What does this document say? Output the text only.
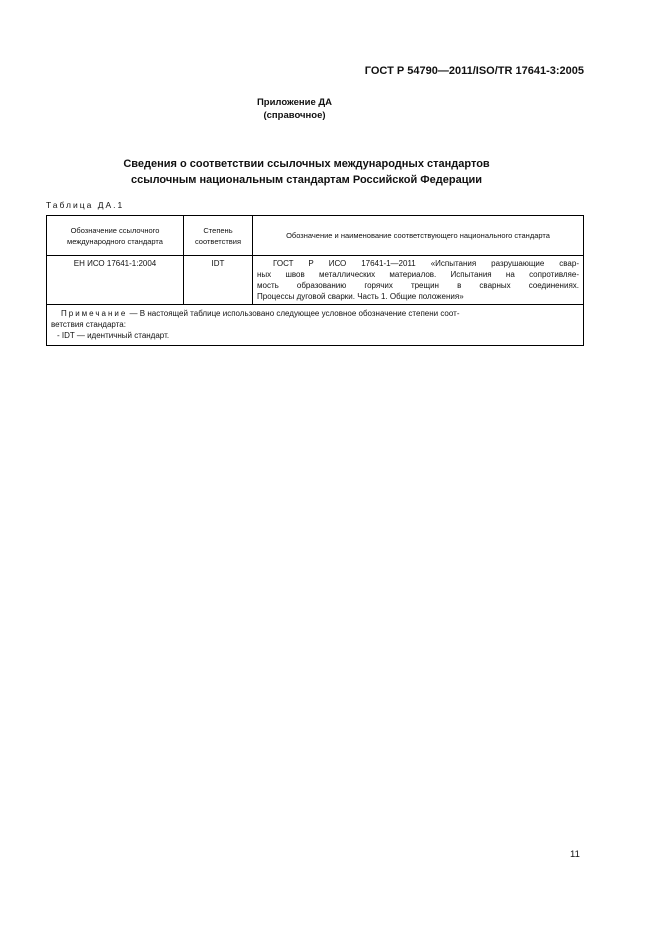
ГОСТ Р 54790—2011/ISO/TR 17641-3:2005
Приложение ДА
(справочное)
Сведения о соответствии ссылочных международных стандартов
ссылочным национальным стандартам Российской Федерации
Таблица ДА.1
Обозначение ссылочного международного стандарта	Степень соответствия	Обозначение и наименование соответствующего национального стандарта
ЕН ИСО 17641-1:2004	IDT	ГОСТ Р ИСО 17641-1—2011 «Испытания разрушающие свар-
ных швов металлических материалов. Испытания на сопротивляе-
мость образованию горячих трещин в сварных соединениях.
Процессы дуговой сварки. Часть 1. Общие положения»

Примечание — В настоящей таблице использовано следующее условное обозначение степени соот-
ветствия стандарта:
- IDT — идентичный стандарт.		
11
